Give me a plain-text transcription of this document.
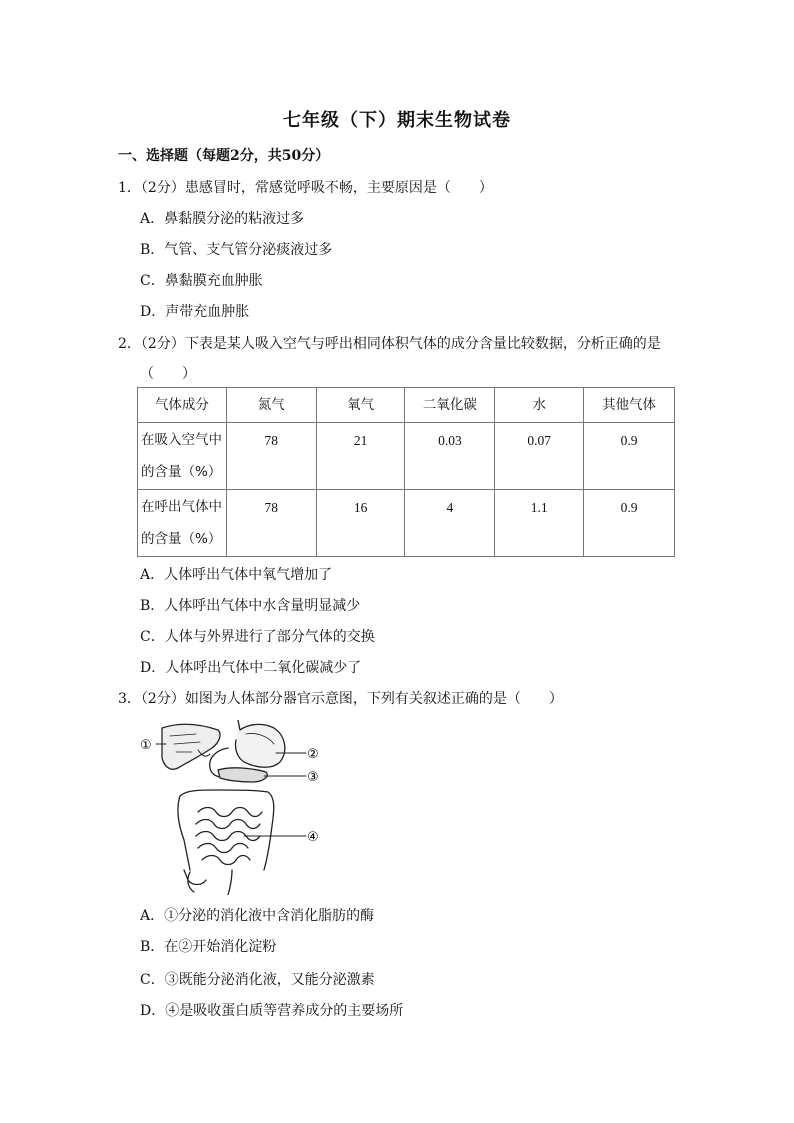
七年级（下）期末生物试卷
一、选择题（每题2分，共50分）
1．（2分）患感冒时，常感觉呼吸不畅，主要原因是（　　）
A．鼻黏膜分泌的粘液过多
B．气管、支气管分泌痰液过多
C．鼻黏膜充血肿胀
D．声带充血肿胀
2．（2分）下表是某人吸入空气与呼出相同体积气体的成分含量比较数据，分析正确的是
（　　）
气体成分	氮气	氧气	二氧化碳	水	其他气体
在吸入空气中
的含量（%）	78	21	0.03	0.07	0.9
在呼出气体中
的含量（%）	78	16	4	1.1	0.9
A．人体呼出气体中氧气增加了
B．人体呼出气体中水含量明显减少
C．人体与外界进行了部分气体的交换
D．人体呼出气体中二氧化碳减少了
3．（2分）如图为人体部分器官示意图，下列有关叙述正确的是（　　）
①
②
③
④
A．①分泌的消化液中含消化脂肪的酶
B．在②开始消化淀粉
C．③既能分泌消化液，又能分泌激素
D．④是吸收蛋白质等营养成分的主要场所
